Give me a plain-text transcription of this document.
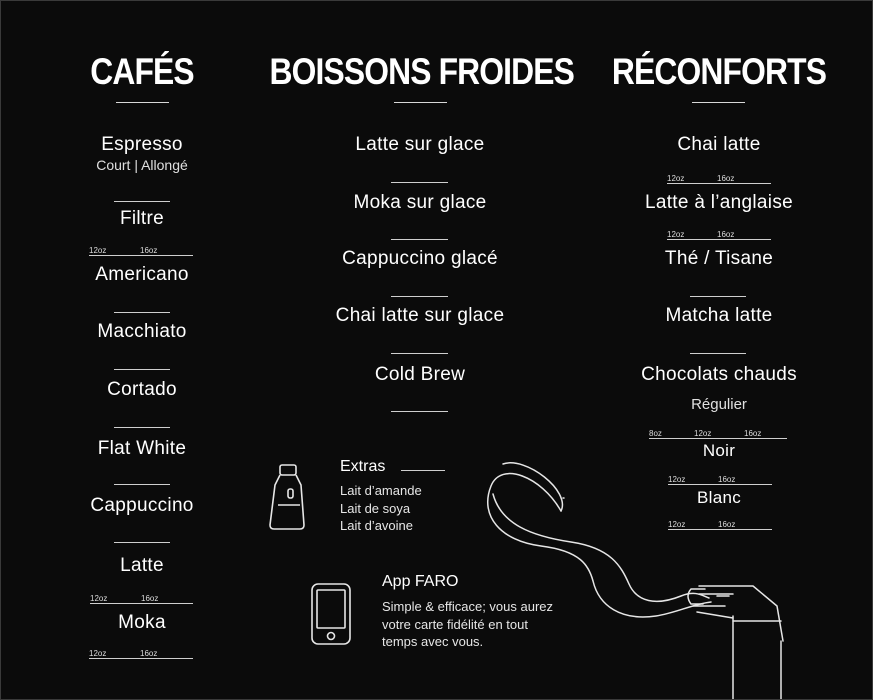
CAFÉS	BOISSONS FROIDES RÉCONFORTS
Espresso
Court | Allongé
Filtre
12oz	16oz
Americano
Macchiato
Cortado
Flat White
Cappuccino
Latte
12oz	16oz
Moka
12oz	16oz
Latte sur glace
Moka sur glace
Cappuccino glacé
Chai latte sur glace
Cold Brew
Extras
Lait d’amande
Lait de soya
Lait d’avoine
App FARO
Simple & efficace; vous aurez
votre carte fidélité en tout
temps avec vous.
Chai latte
12oz	16oz
Latte à l’anglaise
12oz	16oz
Thé / Tisane
Matcha latte
Chocolats chauds
Régulier
8oz	12oz	16oz
Noir
12oz	16oz
Blanc
12oz	16oz
